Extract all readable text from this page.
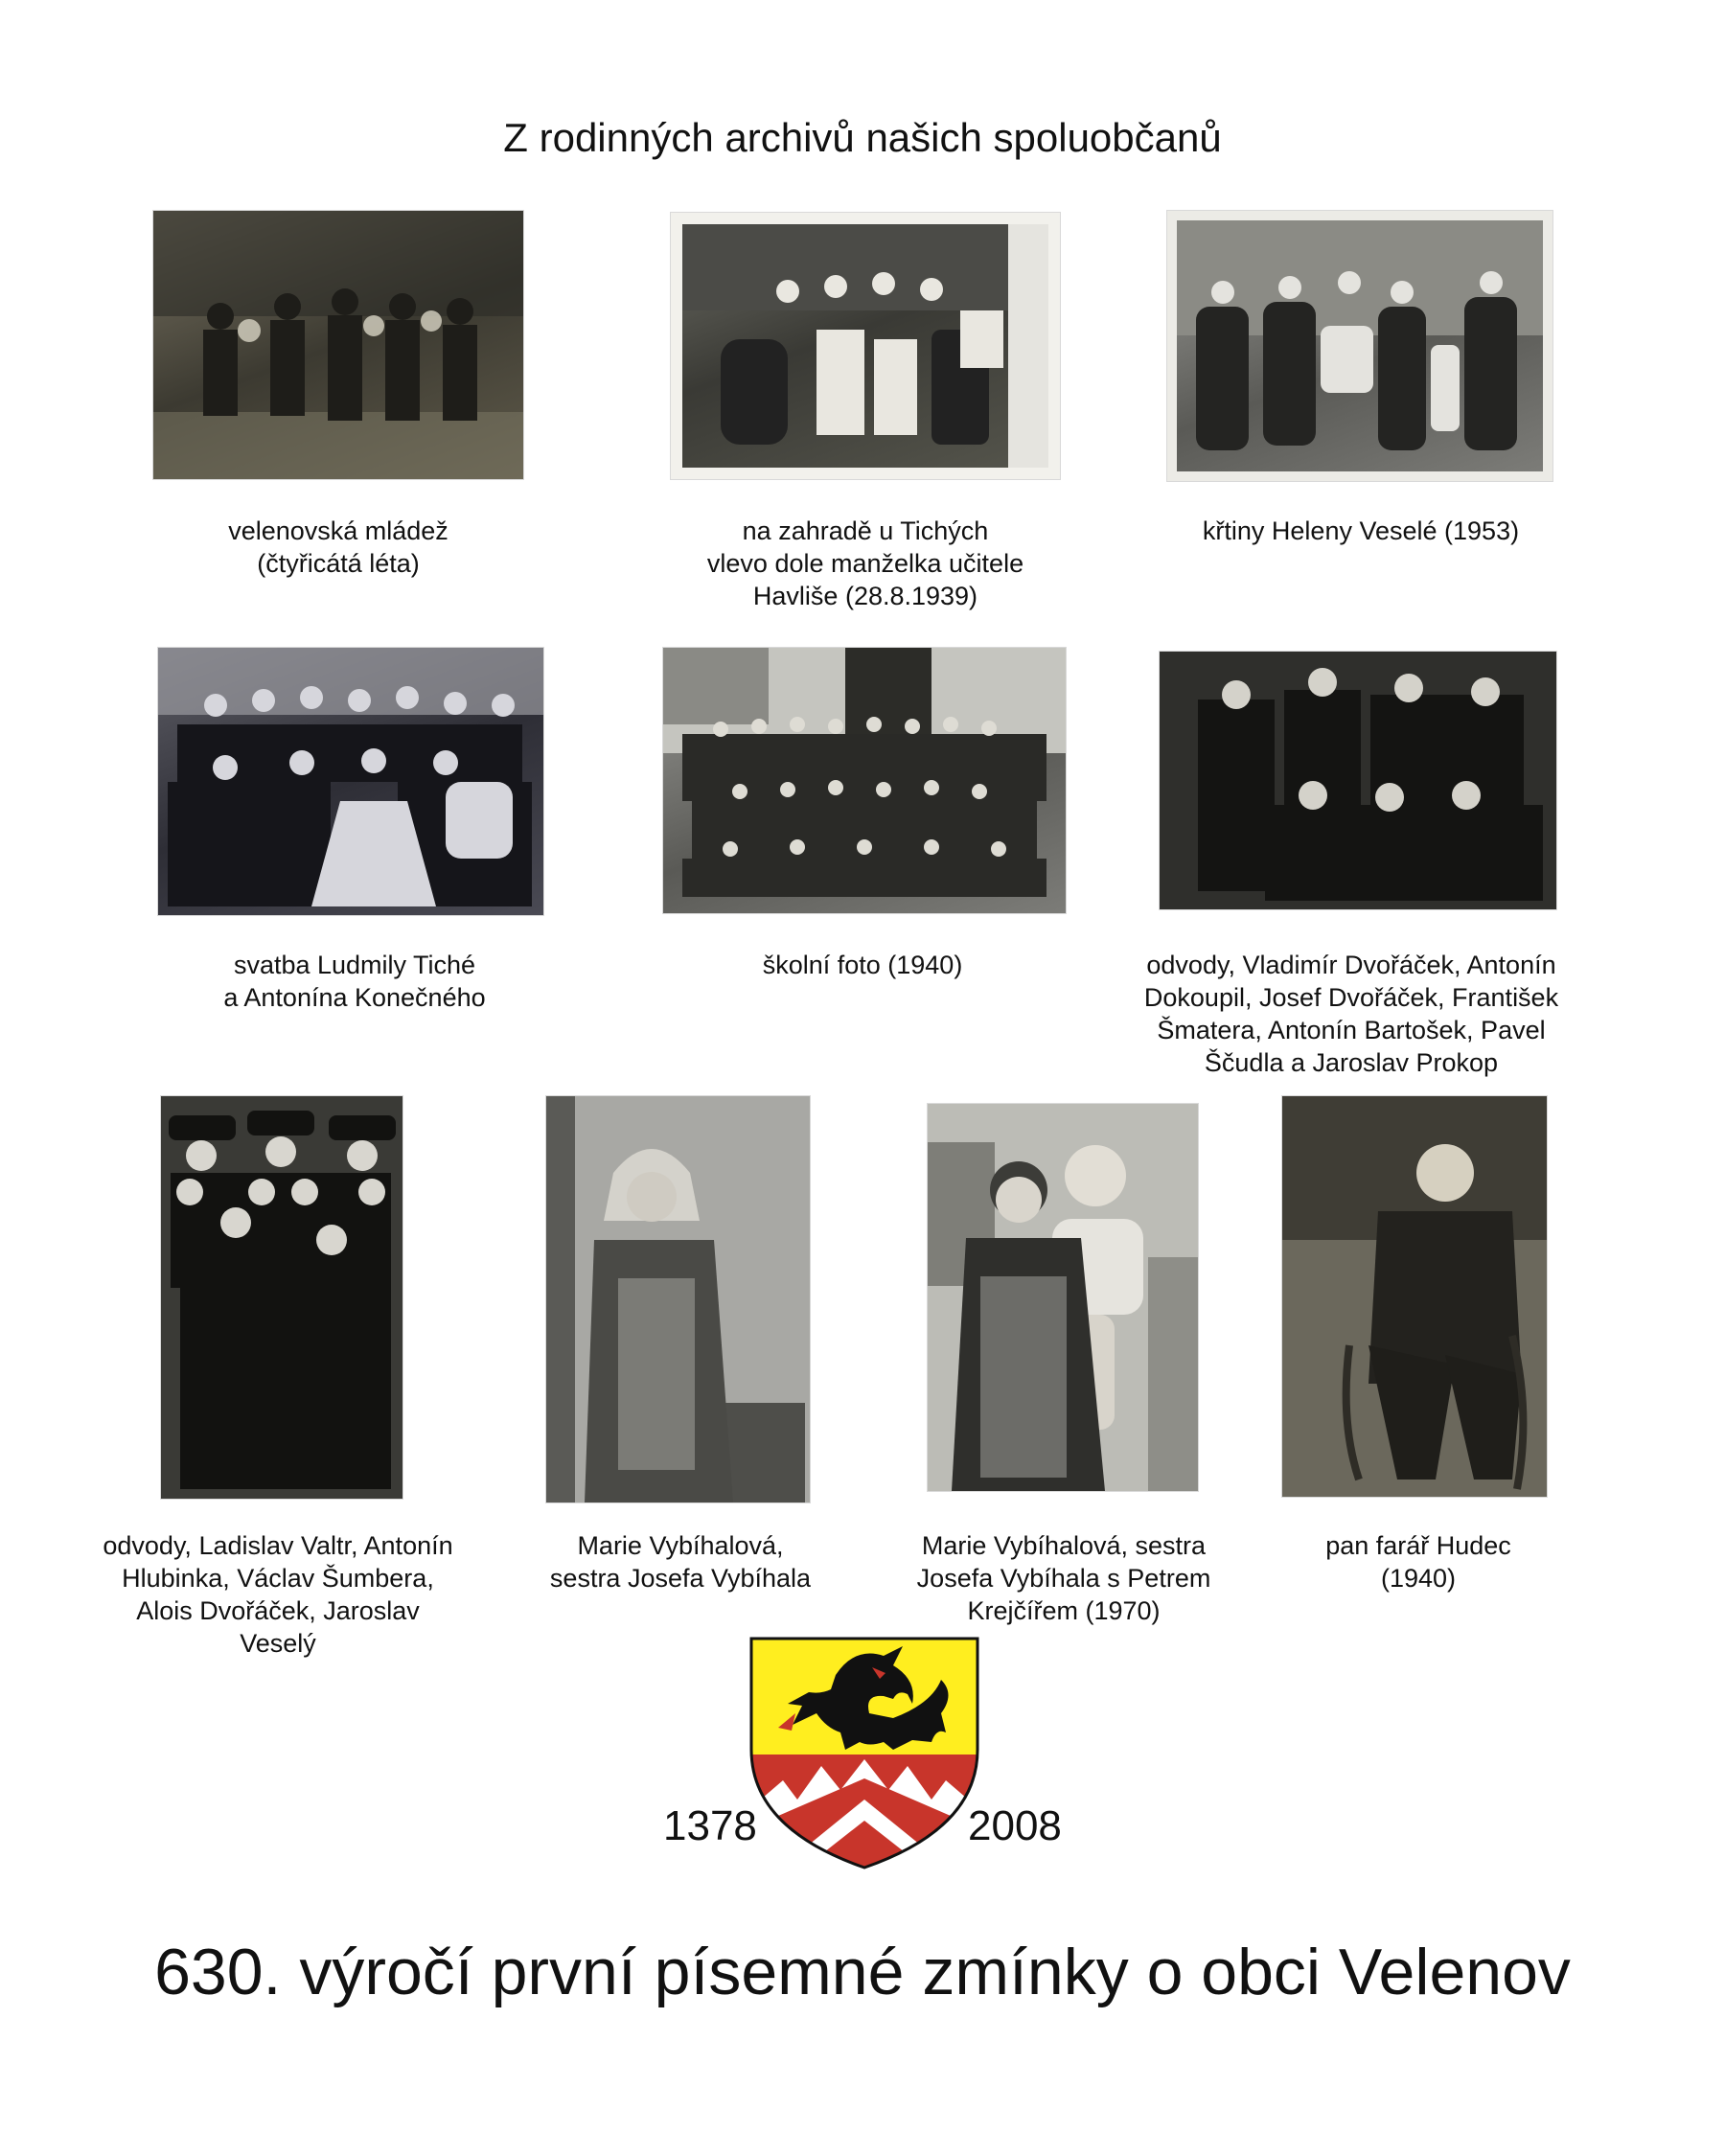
Z rodinných archivů našich spoluobčanů
velenovská mládež
(čtyřicátá léta)
na zahradě u Tichých
vlevo dole manželka učitele
Havliše (28.8.1939)
křtiny Heleny Veselé (1953)
svatba Ludmily Tiché
a Antonína Konečného
školní foto (1940)	odvody, Vladimír Dvořáček, Antonín
Dokoupil, Josef Dvořáček, František
Šmatera, Antonín Bartošek, Pavel
Ščudla a Jaroslav Prokop
odvody, Ladislav Valtr, Antonín
Hlubinka, Václav Šumbera,
Alois Dvořáček, Jaroslav
Veselý
Marie Vybíhalová,
sestra Josefa Vybíhala
Marie Vybíhalová, sestra
Josefa Vybíhala s Petrem
Krejčířem (1970)
pan farář Hudec
(1940)
1378	2008
630. výročí první písemné zmínky o obci Velenov
